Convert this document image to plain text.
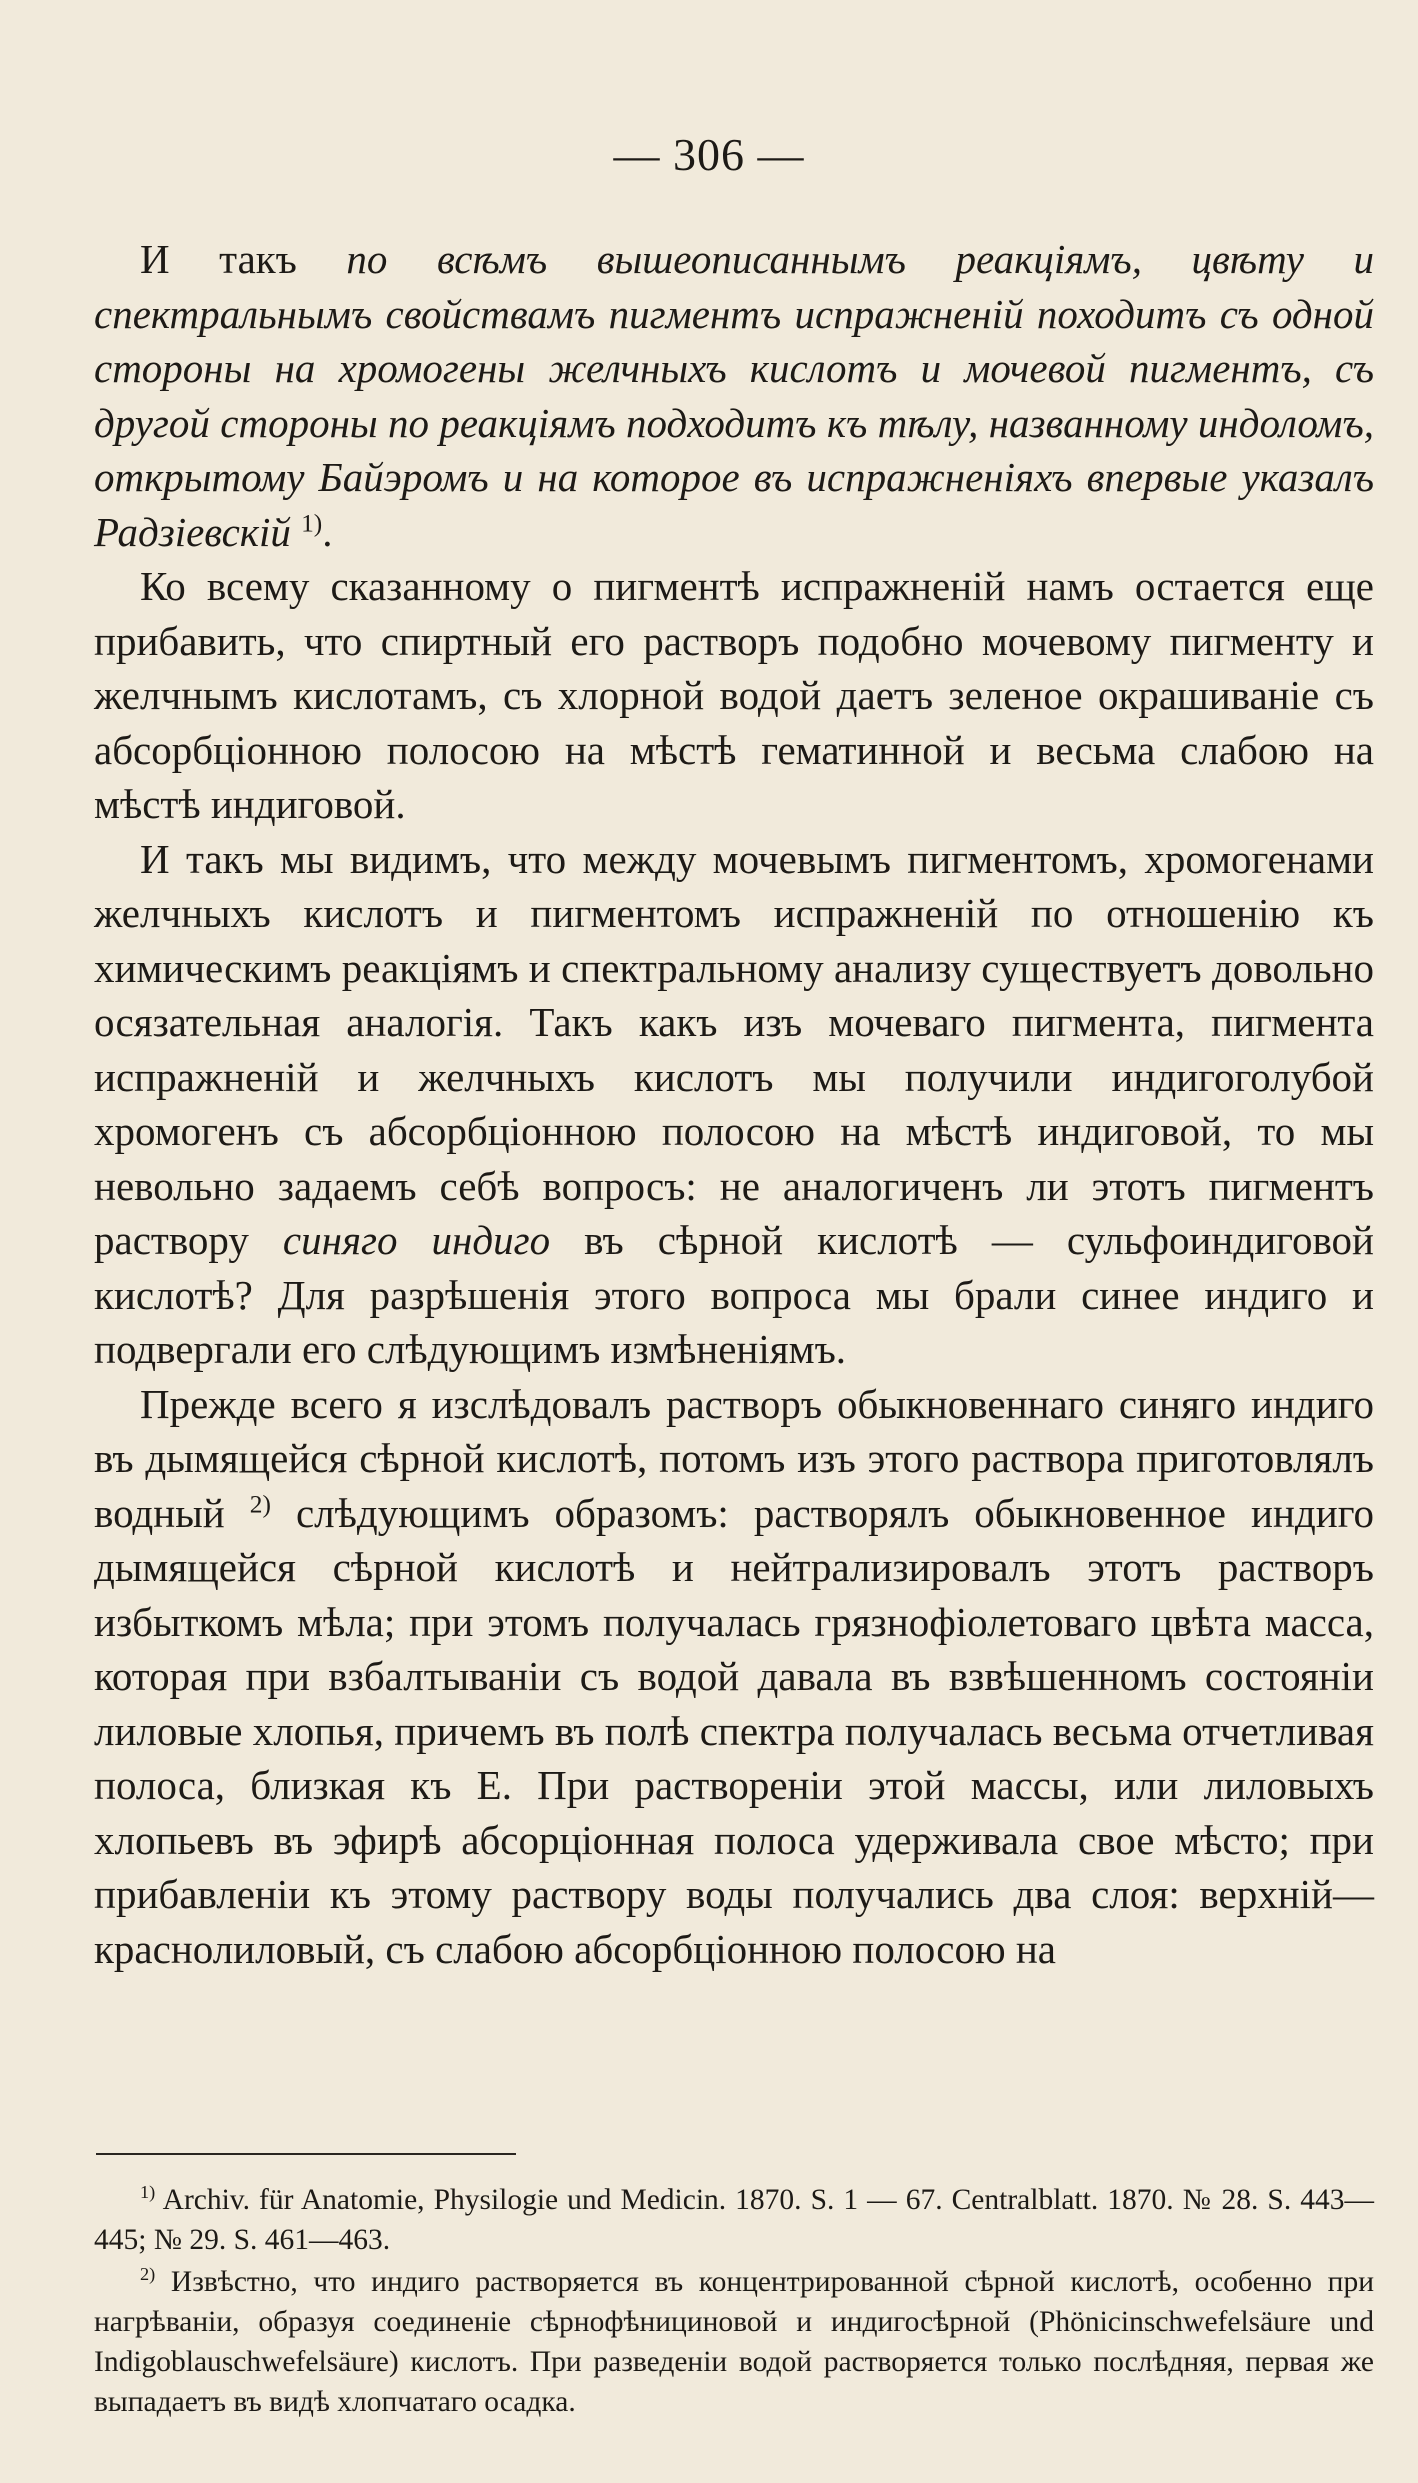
— 306 —

И такъ по всѣмъ вышеописаннымъ реакціямъ, цвѣту и спектральнымъ свойствамъ пигментъ испражненій походитъ съ одной стороны на хромогены желчныхъ кислотъ и мочевой пигментъ, съ другой стороны по реакціямъ подходитъ къ тѣлу, названному индоломъ, открытому Байэромъ и на которое въ испражненіяхъ впервые указалъ Радзіевскій $^{1)}$.

Ко всему сказанному о пигментѣ испражненій намъ остается еще прибавить, что спиртный его растворъ подобно мочевому пигменту и желчнымъ кислотамъ, съ хлорной водой даетъ зеленое окрашиваніе съ абсорбціонною полосою на мѣстѣ гематинной и весьма слабою на мѣстѣ индиговой.

И такъ мы видимъ, что между мочевымъ пигментомъ, хромогенами желчныхъ кислотъ и пигментомъ испражненій по отношенію къ химическимъ реакціямъ и спектральному анализу существуетъ довольно осязательная аналогія. Такъ какъ изъ мочеваго пигмента, пигмента испражненій и желчныхъ кислотъ мы получили индигоголубой хромогенъ съ абсорбціонною полосою на мѣстѣ индиговой, то мы невольно задаемъ себѣ вопросъ: не аналогиченъ ли этотъ пигментъ раствору синяго индиго въ сѣрной кислотѣ — сульфоиндиговой кислотѣ? Для разрѣшенія этого вопроса мы брали синее индиго и подвергали его слѣдующимъ измѣненіямъ.

Прежде всего я изслѣдовалъ растворъ обыкновеннаго синяго индиго въ дымящейся сѣрной кислотѣ, потомъ изъ этого раствора приготовлялъ водный $^{2)}$ слѣдующимъ образомъ: растворялъ обыкновенное индиго дымящейся сѣрной кислотѣ и нейтрализировалъ этотъ растворъ избыткомъ мѣла; при этомъ получалась грязнофіолетоваго цвѣта масса, которая при взбалтываніи съ водой давала въ взвѣшенномъ состояніи лиловые хлопья, причемъ въ полѣ спектра получалась весьма отчетливая полоса, близкая къ Е. При раствореніи этой массы, или лиловыхъ хлопьевъ въ эфирѣ абсорціонная полоса удерживала свое мѣсто; при прибавленіи къ этому раствору воды получались два слоя: верхній—краснолиловый, съ слабою абсорбціонною полосою на

$^{1)}$ Archiv. für Anatomie, Physilogie und Medicin. 1870. S. 1 — 67. Centralblatt. 1870. № 28. S. 443—445; № 29. S. 461—463.

$^{2)}$ Извѣстно, что индиго растворяется въ концентрированной сѣрной кислотѣ, особенно при нагрѣваніи, образуя соединеніе сѣрнофѣнициновой и индигосѣрной (Phönicinschwefelsäure und Indigoblauschwefelsäure) кислотъ. При разведеніи водой растворяется только послѣдняя, первая же выпадаетъ въ видѣ хлопчатаго осадка.
